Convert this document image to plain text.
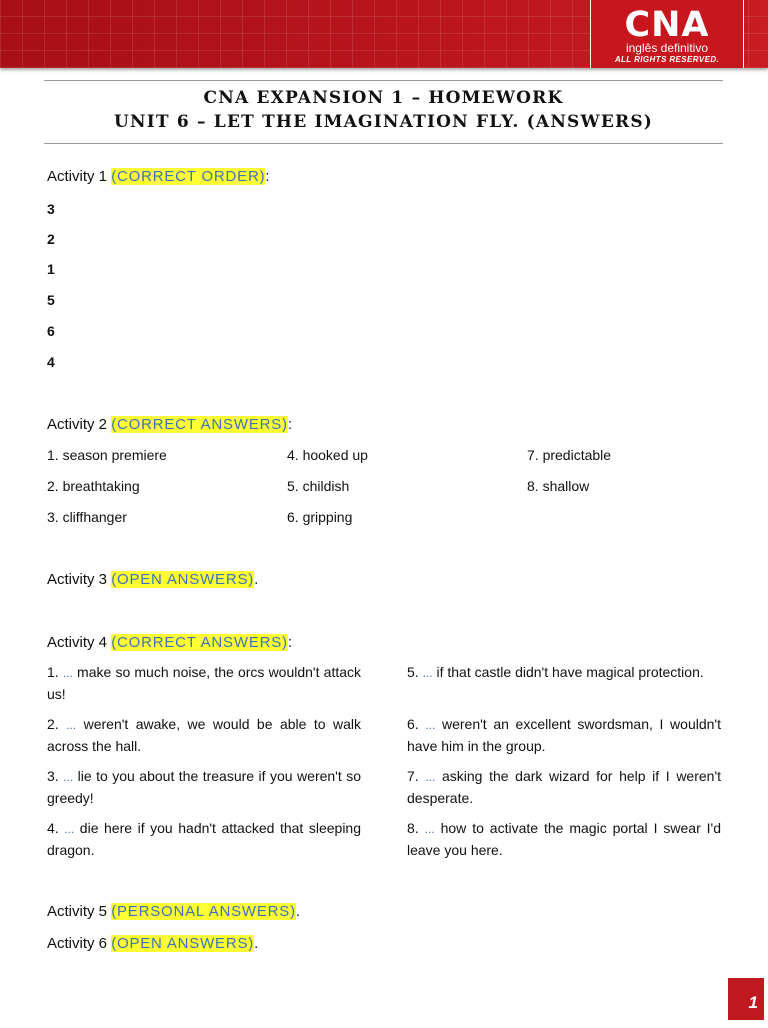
CNA
inglês definitivo
ALL RIGHTS RESERVED.
CNA EXPANSION 1 – HOMEWORK
UNIT 6 – LET THE IMAGINATION FLY. (ANSWERS)
Activity 1 (CORRECT ORDER):
3
2
1
5
6
4
Activity 2 (CORRECT ANSWERS):
1. season premiere
2. breathtaking
3. cliffhanger
4. hooked up
5. childish
6. gripping
7. predictable
8. shallow
Activity 3 (OPEN ANSWERS).
Activity 4 (CORRECT ANSWERS):
1. ... make so much noise, the orcs wouldn't attack us!
2. ... weren't awake, we would be able to walk across the hall.
3. ... lie to you about the treasure if you weren't so greedy!
4. ... die here if you hadn't attacked that sleeping dragon.
5. ... if that castle didn't have magical protection.
6. ... weren't an excellent swordsman, I wouldn't have him in the group.
7. ... asking the dark wizard for help if I weren't desperate.
8. ... how to activate the magic portal I swear I'd leave you here.
Activity 5 (PERSONAL ANSWERS).
Activity 6 (OPEN ANSWERS).
1
